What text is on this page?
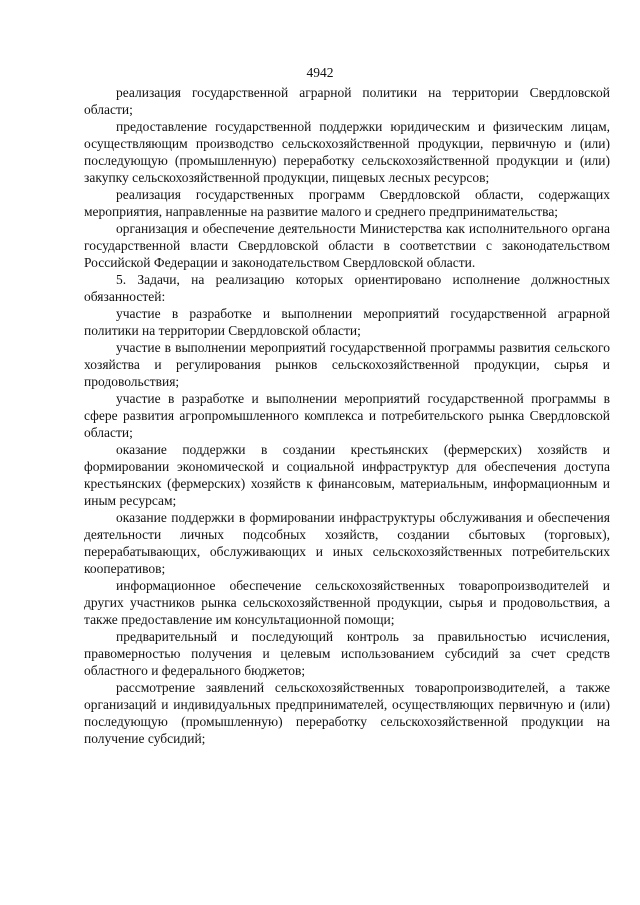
4942

реализация государственной аграрной политики на территории Свердловской области;

предоставление государственной поддержки юридическим и физическим лицам, осуществляющим производство сельскохозяйственной продукции, первичную и (или) последующую (промышленную) переработку сельскохозяйственной продукции и (или) закупку сельскохозяйственной продукции, пищевых лесных ресурсов;

реализация государственных программ Свердловской области, содержащих мероприятия, направленные на развитие малого и среднего предпринимательства;

организация и обеспечение деятельности Министерства как исполнительного органа государственной власти Свердловской области в соответствии с законодательством Российской Федерации и законодательством Свердловской области.

5. Задачи, на реализацию которых ориентировано исполнение должностных обязанностей:

участие в разработке и выполнении мероприятий государственной аграрной политики на территории Свердловской области;

участие в выполнении мероприятий государственной программы развития сельского хозяйства и регулирования рынков сельскохозяйственной продукции, сырья и продовольствия;

участие в разработке и выполнении мероприятий государственной программы в сфере развития агропромышленного комплекса и потребительского рынка Свердловской области;

оказание поддержки в создании крестьянских (фермерских) хозяйств и формировании экономической и социальной инфраструктур для обеспечения доступа крестьянских (фермерских) хозяйств к финансовым, материальным, информационным и иным ресурсам;

оказание поддержки в формировании инфраструктуры обслуживания и обеспечения деятельности личных подсобных хозяйств, создании сбытовых (торговых), перерабатывающих, обслуживающих и иных сельскохозяйственных потребительских кооперативов;

информационное обеспечение сельскохозяйственных товаропроизводителей и других участников рынка сельскохозяйственной продукции, сырья и продовольствия, а также предоставление им консультационной помощи;

предварительный и последующий контроль за правильностью исчисления, правомерностью получения и целевым использованием субсидий за счет средств областного и федерального бюджетов;

рассмотрение заявлений сельскохозяйственных товаропроизводителей, а также организаций и индивидуальных предпринимателей, осуществляющих первичную и (или) последующую (промышленную) переработку сельскохозяйственной продукции на получение субсидий;
